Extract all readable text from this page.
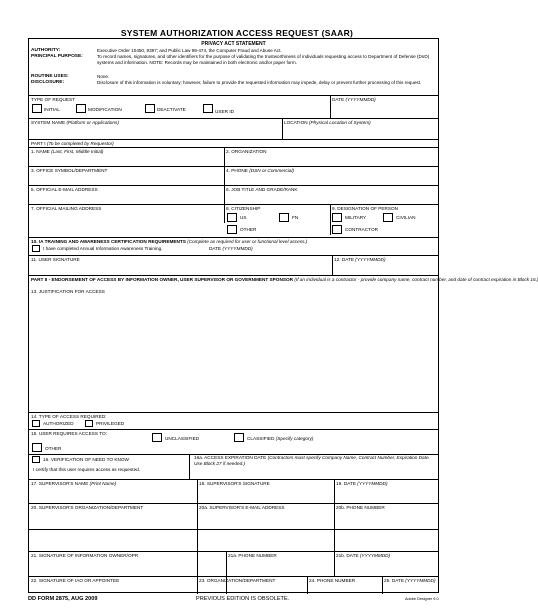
SYSTEM AUTHORIZATION ACCESS REQUEST (SAAR)
PRIVACY ACT STATEMENT
AUTHORITY:	Executive Order 10450, 9397; and Public Law 99-474, the Computer Fraud and Abuse Act.
PRINCIPAL PURPOSE:	To record names, signatures, and other identifiers for the purpose of validating the trustworthiness of individuals requesting access to Department of Defense (DoD) systems and information. NOTE: Records may be maintained in both electronic and/or paper form.
ROUTINE USES:	None.
DISCLOSURE:	Disclosure of this information is voluntary; however, failure to provide the requested information may impede, delay or prevent further processing of this request.
TYPE OF REQUEST
INITIAL	MODIFICATION	DEACTIVATE	USER ID
DATE (YYYYMMDD)
SYSTEM NAME (Platform or Applications)	LOCATION (Physical Location of System)
PART I (To be completed by Requestor)
1. NAME (Last, First, Middle Initial)	2. ORGANIZATION
3. OFFICE SYMBOL/DEPARTMENT	4. PHONE (DSN or Commercial)
5. OFFICIAL E-MAIL ADDRESS	6. JOB TITLE AND GRADE/RANK
7. OFFICIAL MAILING ADDRESS	8. CITIZENSHIP
US	FN
OTHER
9. DESIGNATION OF PERSON
MILITARY	CIVILIAN
CONTRACTOR
10. IA TRAINING AND AWARENESS CERTIFICATION REQUIREMENTS (Complete as required for user or functional level access.)
I have completed Annual Information Awareness Training.	DATE (YYYYMMDD)
11. USER SIGNATURE	12. DATE (YYYYMMDD)
PART II - ENDORSEMENT OF ACCESS BY INFORMATION OWNER, USER SUPERVISOR OR GOVERNMENT SPONSOR (If an individual is a contractor - provide company name, contract number, and date of contract expiration in Block 16.)
13. JUSTIFICATION FOR ACCESS
14. TYPE OF ACCESS REQUIRED:
AUTHORIZED	PRIVILEGED
15. USER REQUIRES ACCESS TO:
UNCLASSIFIED	CLASSIFIED (Specify category)
OTHER
16. VERIFICATION OF NEED TO KNOW
I certify that this user requires access as requested.
16a. ACCESS EXPIRATION DATE (Contractors must specify Company Name, Contract Number, Expiration Date. Use Block 27 if needed.)
17. SUPERVISOR'S NAME (Print Name)	18. SUPERVISOR'S SIGNATURE	19. DATE (YYYYMMDD)
20. SUPERVISOR'S ORGANIZATION/DEPARTMENT	20a. SUPERVISOR'S E-MAIL ADDRESS	20b. PHONE NUMBER
21. SIGNATURE OF INFORMATION OWNER/OPR	21a. PHONE NUMBER	21b. DATE (YYYYMMDD)
22. SIGNATURE OF IAO OR APPOINTEE	23. ORGANIZATION/DEPARTMENT	24. PHONE NUMBER	25. DATE (YYYYMMDD)
DD FORM 2875, AUG 2009	PREVIOUS EDITION IS OBSOLETE.	Adobe Designer 9.0
